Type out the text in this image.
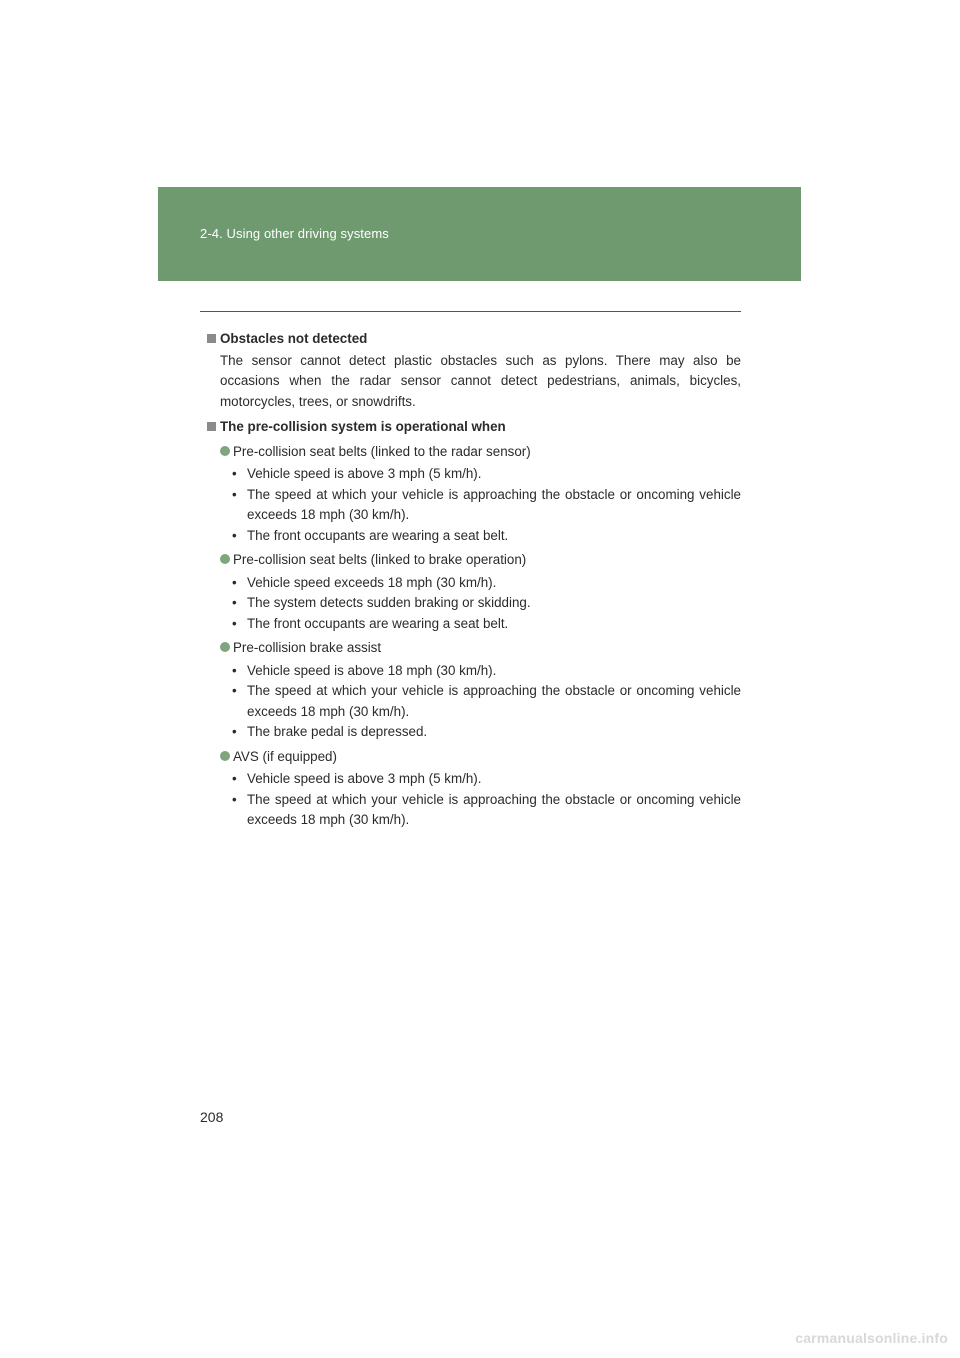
2-4. Using other driving systems
Obstacles not detected

The sensor cannot detect plastic obstacles such as pylons. There may also be occasions when the radar sensor cannot detect pedestrians, animals, bicycles, motorcycles, trees, or snowdrifts.

The pre-collision system is operational when
Pre-collision seat belts (linked to the radar sensor)
• Vehicle speed is above 3 mph (5 km/h).
• The speed at which your vehicle is approaching the obstacle or oncoming vehicle exceeds 18 mph (30 km/h).
• The front occupants are wearing a seat belt.
Pre-collision seat belts (linked to brake operation)
• Vehicle speed exceeds 18 mph (30 km/h).
• The system detects sudden braking or skidding.
• The front occupants are wearing a seat belt.
Pre-collision brake assist
• Vehicle speed is above 18 mph (30 km/h).
• The speed at which your vehicle is approaching the obstacle or oncoming vehicle exceeds 18 mph (30 km/h).
• The brake pedal is depressed.
AVS (if equipped)
• Vehicle speed is above 3 mph (5 km/h).
• The speed at which your vehicle is approaching the obstacle or oncoming vehicle exceeds 18 mph (30 km/h).
208
carmanualsonline.info
